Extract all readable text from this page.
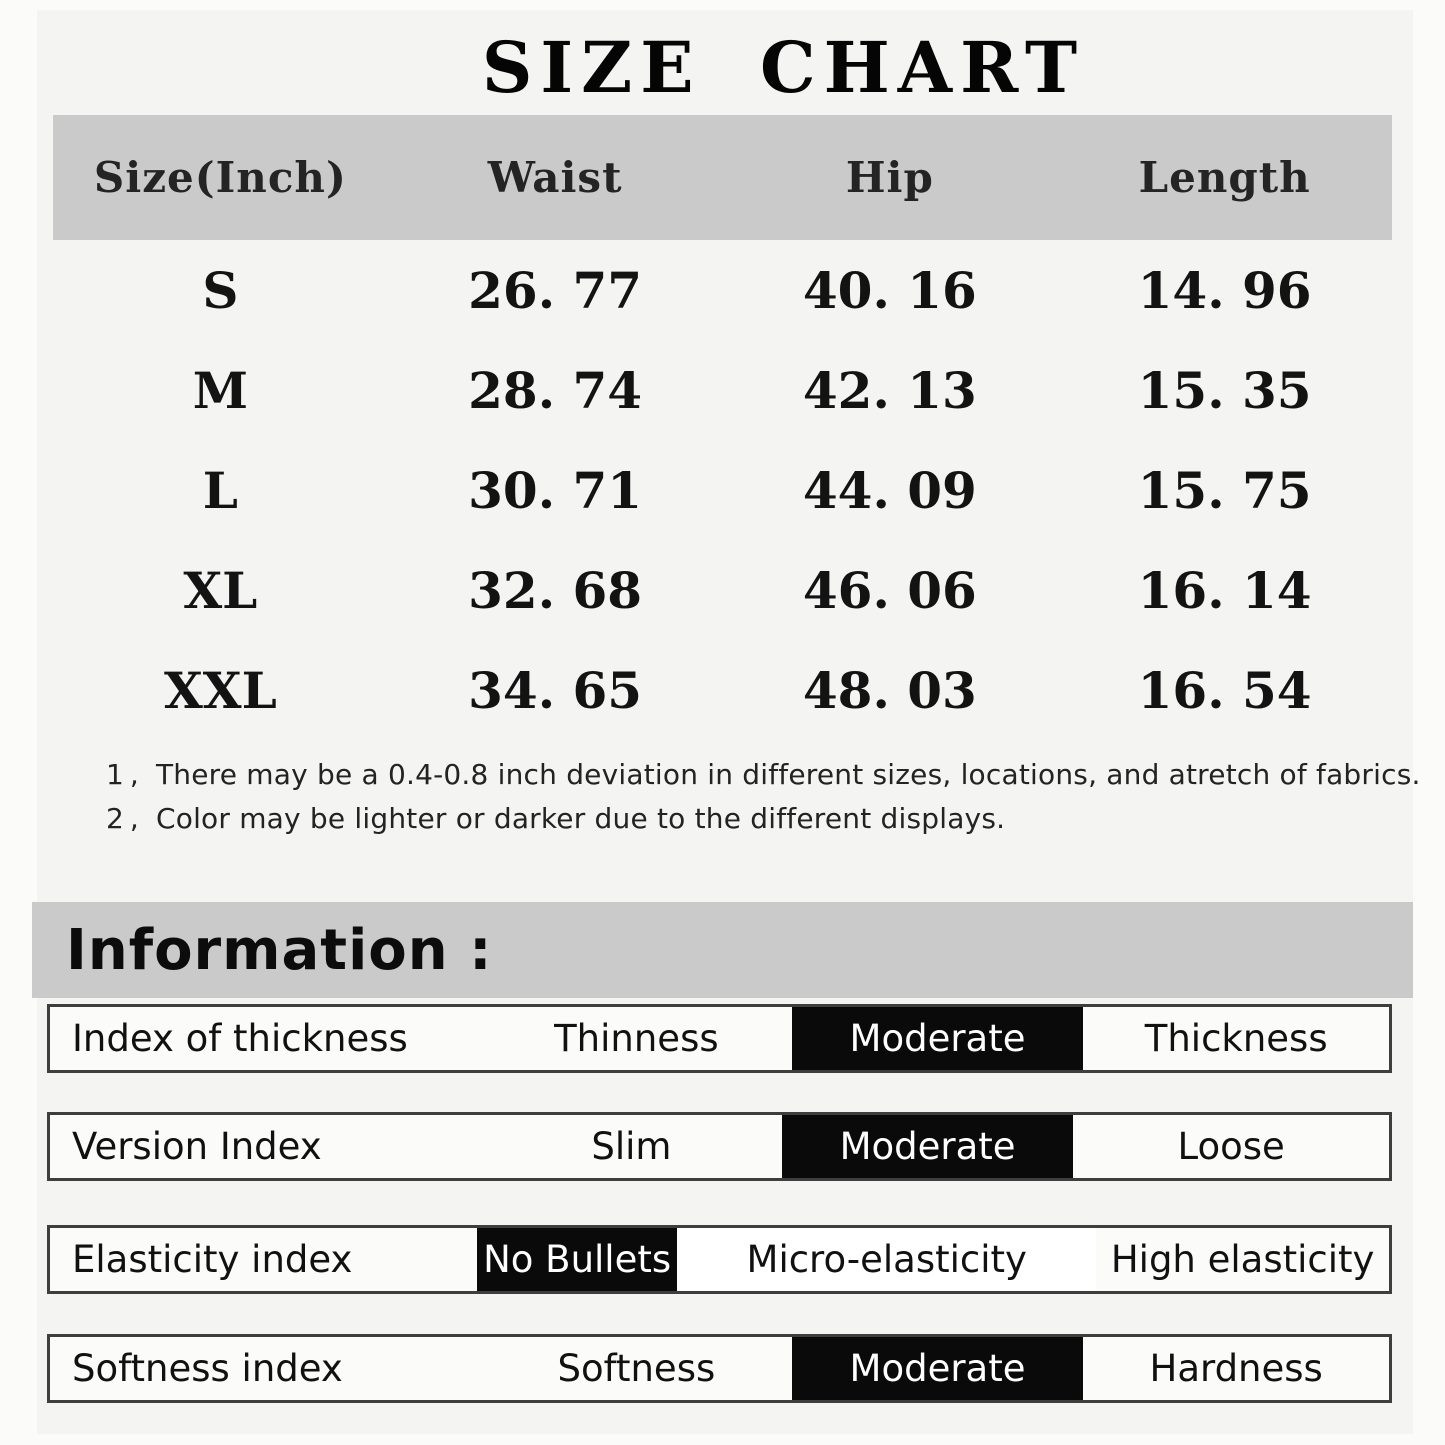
SIZE CHART
Size(Inch)	Waist	Hip	Length
S	26. 77	40. 16	14. 96
M	28. 74	42. 13	15. 35
L	30. 71	44. 09	15. 75
XL	32. 68	46. 06	16. 14
XXL	34. 65	48. 03	16. 54
1, There may be a 0.4-0.8 inch deviation in different sizes, locations, and atretch of fabrics.
2, Color may be lighter or darker due to the different displays.
Information :
Index of thickness	Thinness	Moderate	Thickness
Version Index	Slim	Moderate	Loose
Elasticity index	No Bullets	Micro-elasticity	High elasticity
Softness index	Softness	Moderate	Hardness
